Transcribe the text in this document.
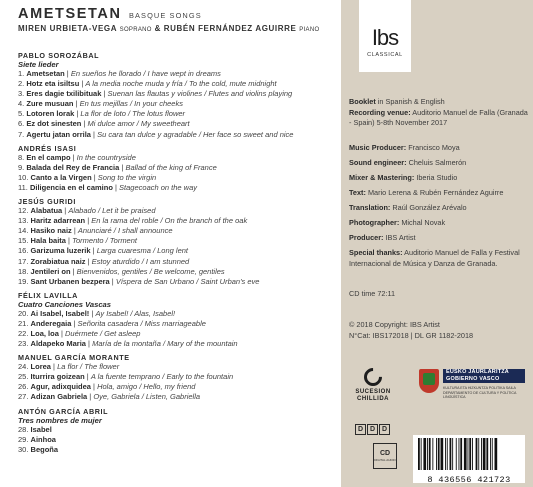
AMETSETAN BASQUE SONGS
MIREN URBIETA-VEGA SOPRANO & RUBÉN FERNÁNDEZ AGUIRRE PIANO
PABLO SOROZÁBAL
Siete lieder
1. Ametsetan | En sueños he llorado / I have wept in dreams
2. Hotz eta isiltsu | A la media noche muda y fría / To the cold, mute midnight
3. Eres dagie txilibituak | Suenan las flautas y violines / Flutes and violins playing
4. Zure musuan | En tus mejillas / In your cheeks
5. Lotoren lorak | La flor de loto / The lotus flower
6. Ez dot sinesten | Mi dulce amor / My sweetheart
7. Agertu jatan orrila | Su cara tan dulce y agradable / Her face so sweet and nice
ANDRÉS ISASI
8. En el campo | In the countryside
9. Balada del Rey de Francia | Ballad of the king of France
10. Canto a la Virgen | Song to the virgin
11. Diligencia en el camino | Stagecoach on the way
JESÚS GURIDI
12. Alabatua | Alabado / Let it be praised
13. Haritz adarrean | En la rama del roble / On the branch of the oak
14. Hasiko naiz | Anunciaré / I shall announce
15. Hala baita | Tormento / Torment
16. Garizuma luzerik | Larga cuaresma / Long lent
17. Zorabiatua naiz | Estoy aturdido / I am stunned
18. Jentileri on | Bienvenidos, gentiles / Be welcome, gentiles
19. Sant Urbanen bezpera | Víspera de San Urbano / Saint Urban's eve
FÉLIX LAVILLA
Cuatro Canciones Vascas
20. Ai Isabel, Isabel! | Ay Isabel! / Alas, Isabel!
21. Anderegaia | Señorita casadera / Miss marriageable
22. Loa, loa | Duérmete / Get asleep
23. Aldapeko Maria | María de la montaña / Mary of the mountain
MANUEL GARCÍA MORANTE
24. Lorea | La flor / The flower
25. Iturrira goizean | A la fuente temprano / Early to the fountain
26. Agur, adixquidea | Hola, amigo / Hello, my friend
27. Adizan Gabriela | Oye, Gabriela / Listen, Gabriella
ANTÓN GARCÍA ABRIL
Tres nombres de mujer
28. Isabel
29. Ainhoa
30. Begoña
Ibs
CLASSICAL
Booklet in Spanish & English
Recording venue: Auditorio Manuel de Falla (Granada - Spain) 5-8th November 2017
Music Producer: Francisco Moya
Sound engineer: Cheluis Salmerón
Mixer & Mastering: Iberia Studio
Text: Mario Lerena & Rubén Fernández Aguirre
Translation: Raúl González Arévalo
Photographer: Michal Novak
Producer: IBS Artist
Special thanks: Auditorio Manuel de Falla y Festival Internacional de Música y Danza de Granada.
CD time 72:11
© 2018 Copyright: IBS Artist
N°Cat: IBS172018 | DL GR 1182-2018
SUCESION
CHILLIDA
EUSKO JAURLARITZA
GOBIERNO VASCO
KULTURA ETA HIZKUNTZA POLITIKA SAILA
DEPARTAMENTO DE CULTURA Y POLÍTICA LINGÜÍSTICA
D D D
CD
DIGITAL AUDIO
8 436556 421723
